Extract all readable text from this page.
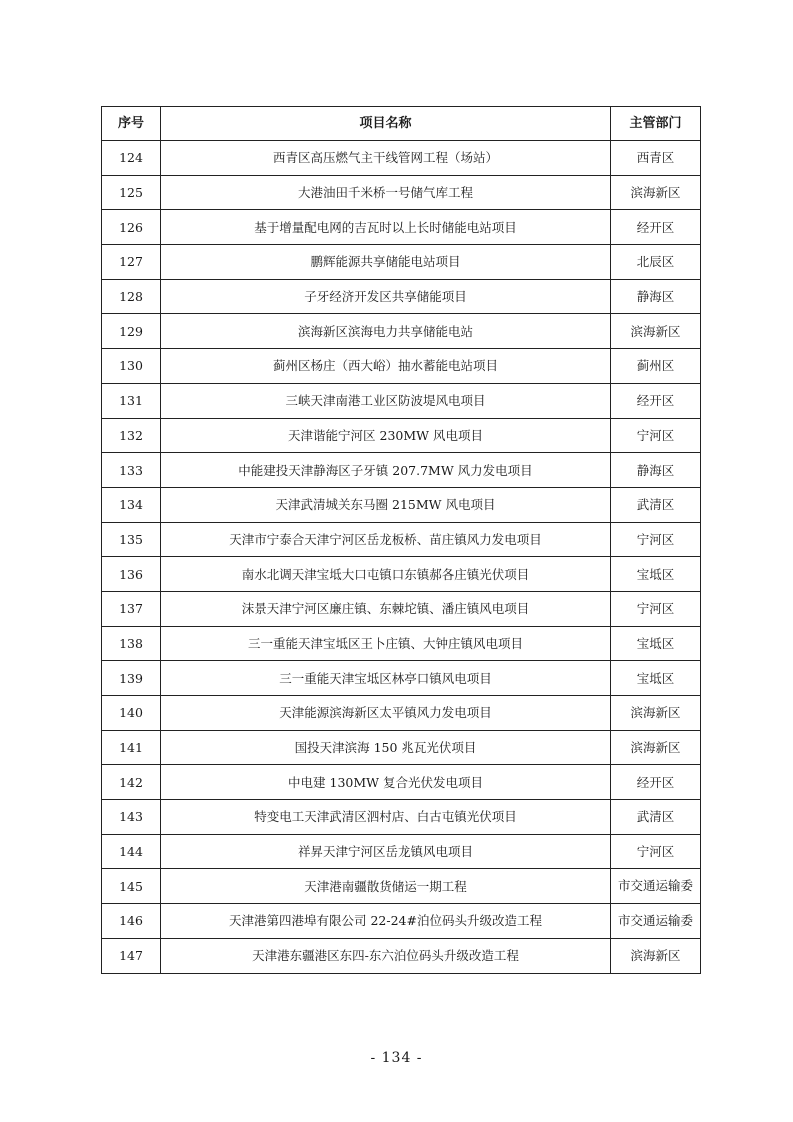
序号	项目名称	主管部门
124	西青区高压燃气主干线管网工程（场站）	西青区
125	大港油田千米桥一号储气库工程	滨海新区
126	基于增量配电网的吉瓦时以上长时储能电站项目	经开区
127	鹏辉能源共享储能电站项目	北辰区
128	子牙经济开发区共享储能项目	静海区
129	滨海新区滨海电力共享储能电站	滨海新区
130	蓟州区杨庄（西大峪）抽水蓄能电站项目	蓟州区
131	三峡天津南港工业区防波堤风电项目	经开区
132	天津谐能宁河区 230MW 风电项目	宁河区
133	中能建投天津静海区子牙镇 207.7MW 风力发电项目	静海区
134	天津武清城关东马圈 215MW 风电项目	武清区
135	天津市宁泰合天津宁河区岳龙板桥、苗庄镇风力发电项目	宁河区
136	南水北调天津宝坻大口屯镇口东镇郝各庄镇光伏项目	宝坻区
137	沫景天津宁河区廉庄镇、东棘坨镇、潘庄镇风电项目	宁河区
138	三一重能天津宝坻区王卜庄镇、大钟庄镇风电项目	宝坻区
139	三一重能天津宝坻区林亭口镇风电项目	宝坻区
140	天津能源滨海新区太平镇风力发电项目	滨海新区
141	国投天津滨海 150 兆瓦光伏项目	滨海新区
142	中电建 130MW 复合光伏发电项目	经开区
143	特变电工天津武清区泗村店、白古屯镇光伏项目	武清区
144	祥昇天津宁河区岳龙镇风电项目	宁河区
145	天津港南疆散货储运一期工程	市交通运输委
146	天津港第四港埠有限公司 22-24#泊位码头升级改造工程	市交通运输委
147	天津港东疆港区东四-东六泊位码头升级改造工程	滨海新区
- 134 -
